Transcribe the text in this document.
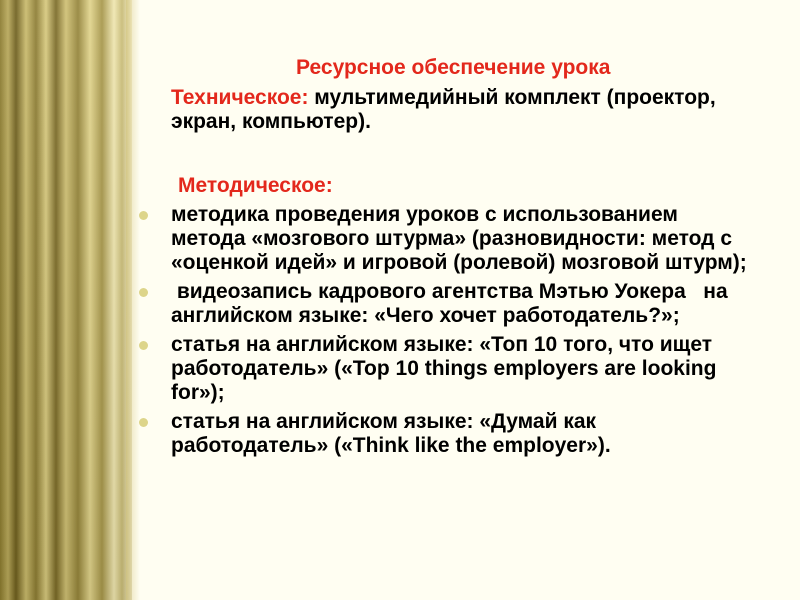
Ресурсное обеспечение урока
Техническое: мультимедийный комплект (проектор, экран, компьютер).
Методическое:
методика проведения уроков с использованием метода «мозгового штурма» (разновидности: метод с «оценкой идей» и игровой (ролевой) мозговой штурм);
видеозапись кадрового агентства Мэтью Уокера   на английском языке: «Чего хочет работодатель?»;
статья на английском языке: «Топ 10 того, что ищет работодатель» («Top 10 things employers are looking for»);
статья на английском языке: «Думай как работодатель» («Think like the employer»).
